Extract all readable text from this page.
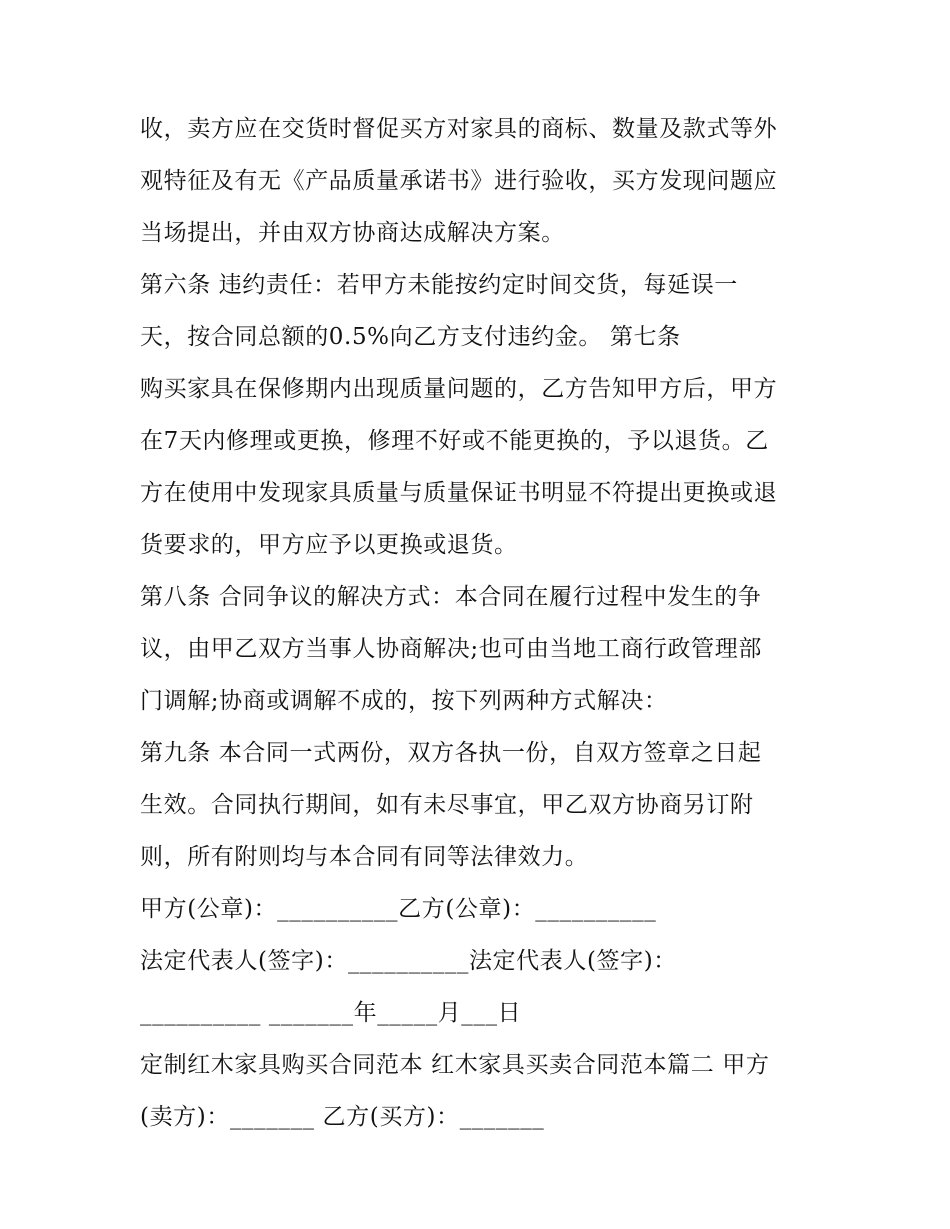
收，卖方应在交货时督促买方对家具的商标、数量及款式等外
观特征及有无《产品质量承诺书》进行验收，买方发现问题应
当场提出，并由双方协商达成解决方案。
第六条 违约责任：若甲方未能按约定时间交货，每延误一
天，按合同总额的0.5%向乙方支付违约金。 第七条
购买家具在保修期内出现质量问题的，乙方告知甲方后，甲方
在7天内修理或更换，修理不好或不能更换的，予以退货。乙
方在使用中发现家具质量与质量保证书明显不符提出更换或退
货要求的，甲方应予以更换或退货。
第八条 合同争议的解决方式：本合同在履行过程中发生的争
议，由甲乙双方当事人协商解决;也可由当地工商行政管理部
门调解;协商或调解不成的，按下列两种方式解决：
第九条 本合同一式两份，双方各执一份，自双方签章之日起
生效。合同执行期间，如有未尽事宜，甲乙双方协商另订附
则，所有附则均与本合同有同等法律效力。
甲方(公章)：__________乙方(公章)：__________
法定代表人(签字)：__________法定代表人(签字)：
__________ _______年_____月___日
定制红木家具购买合同范本 红木家具买卖合同范本篇二 甲方
(卖方)：_______ 乙方(买方)：_______
